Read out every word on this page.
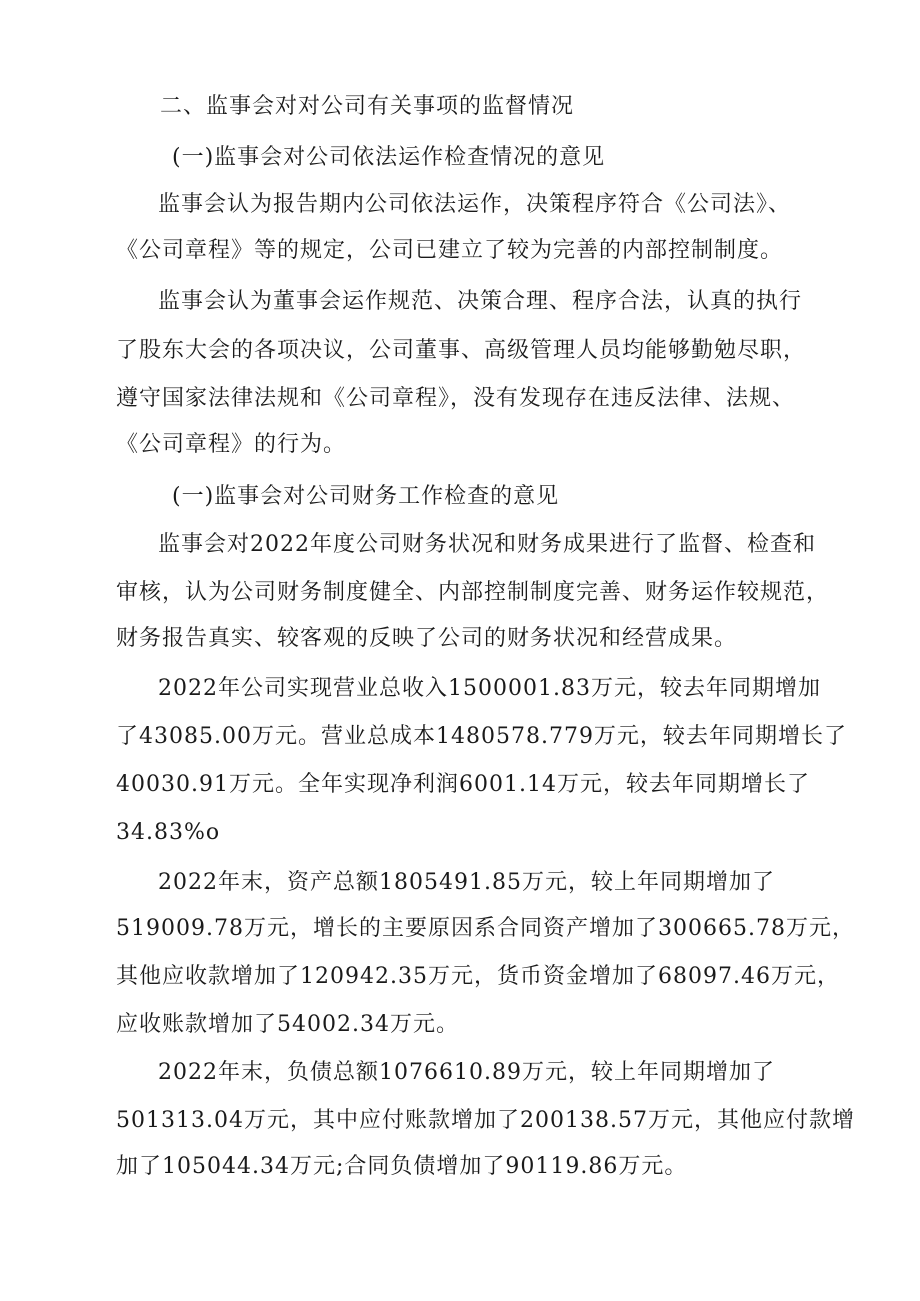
二、监事会对对公司有关事项的监督情况
(一)监事会对公司依法运作检查情况的意见
监事会认为报告期内公司依法运作，决策程序符合《公司法》、
《公司章程》等的规定，公司已建立了较为完善的内部控制制度。
监事会认为董事会运作规范、决策合理、程序合法，认真的执行
了股东大会的各项决议，公司董事、高级管理人员均能够勤勉尽职，
遵守国家法律法规和《公司章程》，没有发现存在违反法律、法规、
《公司章程》的行为。
(一)监事会对公司财务工作检查的意见
监事会对2022年度公司财务状况和财务成果进行了监督、检查和
审核，认为公司财务制度健全、内部控制制度完善、财务运作较规范，
财务报告真实、较客观的反映了公司的财务状况和经营成果。
2022年公司实现营业总收入1500001.83万元，较去年同期增加
了43085.00万元。营业总成本1480578.779万元，较去年同期增长了
40030.91万元。全年实现净利润6001.14万元，较去年同期增长了
34.83%o
2022年末，资产总额1805491.85万元，较上年同期增加了
519009.78万元，增长的主要原因系合同资产增加了300665.78万元，
其他应收款增加了120942.35万元，货币资金增加了68097.46万元，
应收账款增加了54002.34万元。
2022年末，负债总额1076610.89万元，较上年同期增加了
501313.04万元，其中应付账款增加了200138.57万元，其他应付款增
加了105044.34万元;合同负债增加了90119.86万元。
